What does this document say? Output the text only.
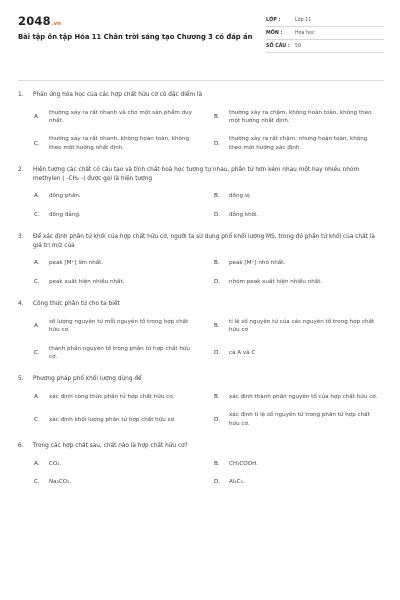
2048 .vn
Bài tập ôn tập Hóa 11 Chân trời sáng tạo Chương 3 có đáp án
LỚP :	Lớp 11
MÔN :	Hóa học
SỐ CÂU :	50
1.	Phản ứng hóa học của các hợp chất hữu cơ có đặc điểm là
A.
thường xảy ra rất nhanh và cho một sản phẩm duy nhất.
B.
thường xảy ra chậm, không hoàn toàn, không theo một hướng nhất định.
C.
thường xảy ra rất nhanh, không hoàn toàn, không theo một hướng nhất định.
D.
thường xảy ra rất chậm, nhưng hoàn toàn, không theo một hướng xác định.
2.	Hiện tượng các chất có cấu tạo và tính chất hoá học tương tự nhau, phân tử hơn kém nhau một hay nhiều nhóm methylen ( -CH₂ -) được gọi là hiện tượng
A.	đồng phân.	B.	đồng vị.
C.	đồng đẳng.	D.	đồng khối.
3.	Để xác định phân tử khối của hợp chất hữu cơ, người ta sử dụng phổ khối lượng MS, trong đó phân tử khối của chất là giá trị m/z của
A.	peak [M⁺] lớn nhất.	B.	peak [M⁺] nhỏ nhất.
C.	peak xuất hiện nhiều nhất.	D.	nhóm peak xuất hiện nhiều nhất.
4.	Công thức phân tử cho ta biết
A.
số lượng nguyên tử mỗi nguyên tố trong hợp chất hữu cơ.
B.
tỉ lệ số nguyên tử của các nguyên tố trong hợp chất hữu cơ
C.
thành phần nguyên tố trong phân tử hợp chất hữu cơ.
D.	cả A và C
5.	Phương pháp phổ khối lượng dùng để
A.	xác định công thức phân tử hợp chất hữu cơ.	B.	xác định thành phần nguyên tố của hợp chất hữu cơ.
C.	xác định khối lượng phân tử hợp chất hữu cơ.	D.
xác định tỉ lệ số nguyên tử trong phân tử hợp chất hữu cơ.
6.	Trong các hợp chất sau, chất nào là hợp chất hữu cơ?
A.	CO₂.	B.	CH₃COOH.
C.	Na₂CO₃.	D.	Al₄C₃.
